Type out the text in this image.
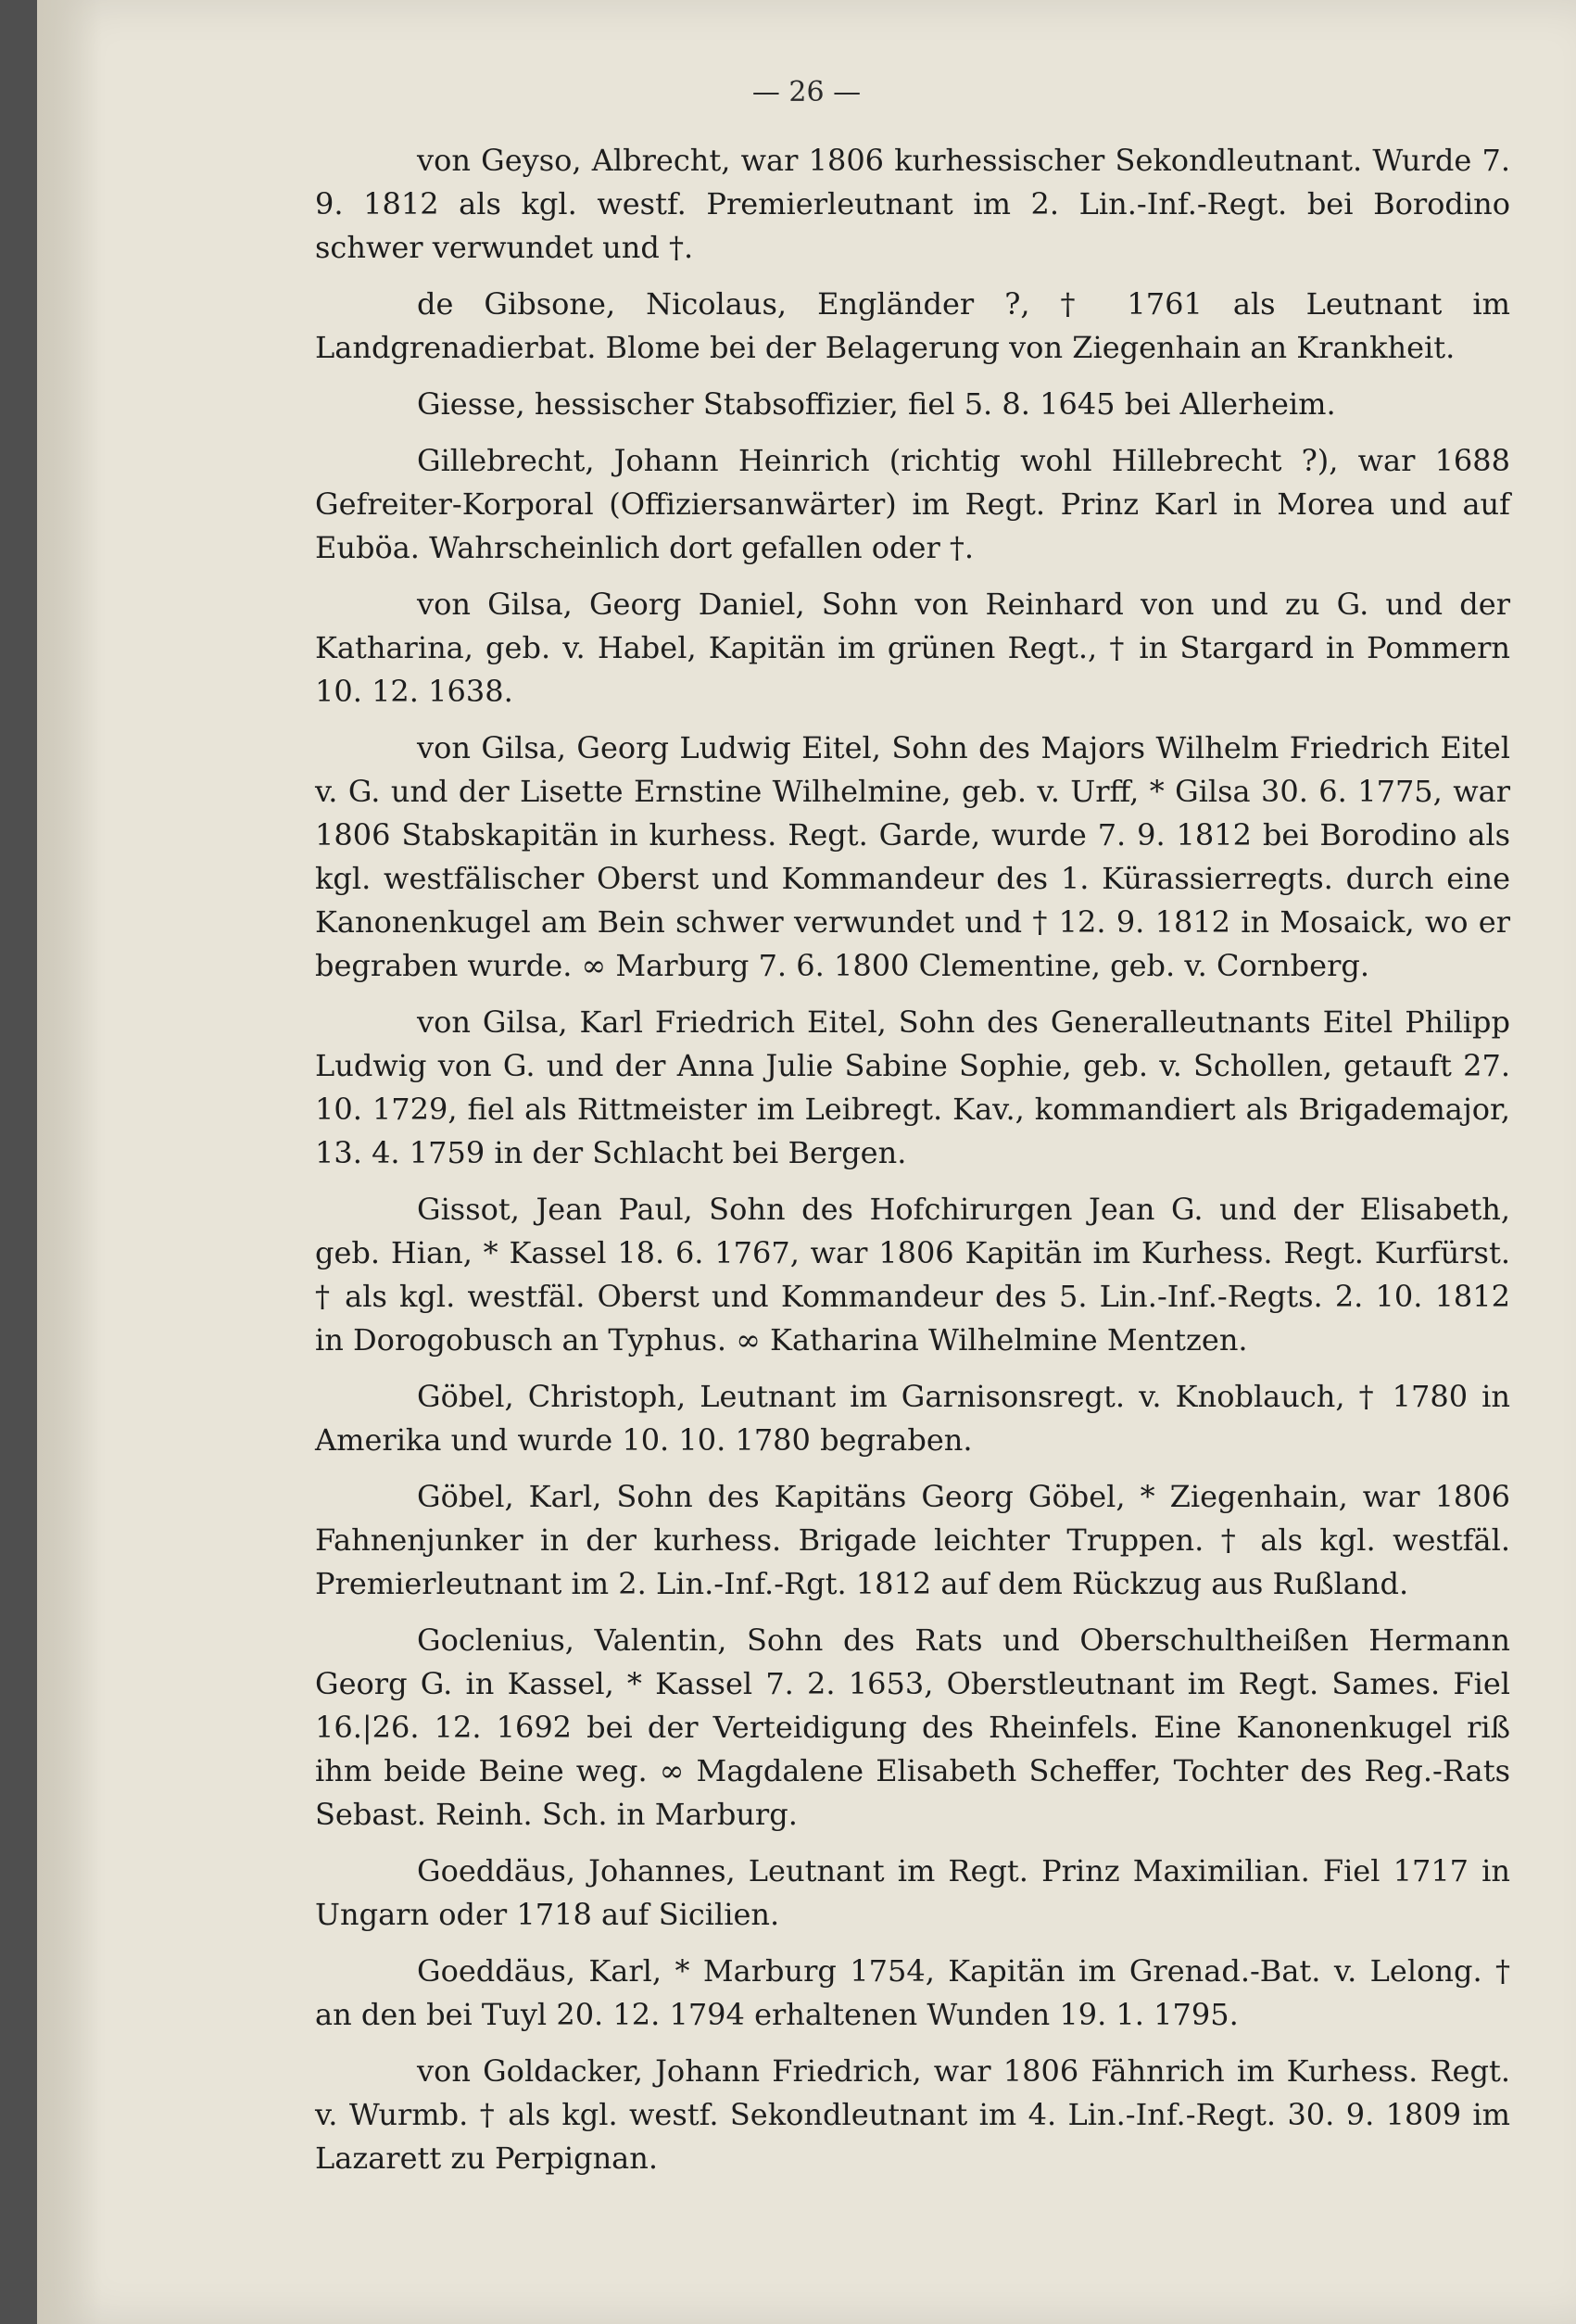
— 26 —

von Geyso, Albrecht, war 1806 kurhessischer Sekondleutnant. Wurde 7. 9. 1812 als kgl. westf. Premierleutnant im 2. Lin.-Inf.-Regt. bei Borodino schwer verwundet und †.

de Gibsone, Nicolaus, Engländer ?, † 1761 als Leutnant im Landgrenadierbat. Blome bei der Belagerung von Ziegenhain an Krankheit.

Giesse, hessischer Stabsoffizier, fiel 5. 8. 1645 bei Allerheim.

Gillebrecht, Johann Heinrich (richtig wohl Hillebrecht ?), war 1688 Gefreiter-Korporal (Offiziersanwärter) im Regt. Prinz Karl in Morea und auf Euböa. Wahrscheinlich dort gefallen oder †.

von Gilsa, Georg Daniel, Sohn von Reinhard von und zu G. und der Katharina, geb. v. Habel, Kapitän im grünen Regt., † in Stargard in Pommern 10. 12. 1638.

von Gilsa, Georg Ludwig Eitel, Sohn des Majors Wilhelm Friedrich Eitel v. G. und der Lisette Ernstine Wilhelmine, geb. v. Urff, * Gilsa 30. 6. 1775, war 1806 Stabskapitän in kurhess. Regt. Garde, wurde 7. 9. 1812 bei Borodino als kgl. westfälischer Oberst und Kommandeur des 1. Kürassierregts. durch eine Kanonenkugel am Bein schwer verwundet und † 12. 9. 1812 in Mosaick, wo er begraben wurde. ∞ Marburg 7. 6. 1800 Clementine, geb. v. Cornberg.

von Gilsa, Karl Friedrich Eitel, Sohn des Generalleutnants Eitel Philipp Ludwig von G. und der Anna Julie Sabine Sophie, geb. v. Schollen, getauft 27. 10. 1729, fiel als Rittmeister im Leibregt. Kav., kommandiert als Brigademajor, 13. 4. 1759 in der Schlacht bei Bergen.

Gissot, Jean Paul, Sohn des Hofchirurgen Jean G. und der Elisabeth, geb. Hian, * Kassel 18. 6. 1767, war 1806 Kapitän im Kurhess. Regt. Kurfürst. † als kgl. westfäl. Oberst und Kommandeur des 5. Lin.-Inf.-Regts. 2. 10. 1812 in Dorogobusch an Typhus. ∞ Katharina Wilhelmine Mentzen.

Göbel, Christoph, Leutnant im Garnisonsregt. v. Knoblauch, † 1780 in Amerika und wurde 10. 10. 1780 begraben.

Göbel, Karl, Sohn des Kapitäns Georg Göbel, * Ziegenhain, war 1806 Fahnenjunker in der kurhess. Brigade leichter Truppen. † als kgl. westfäl. Premierleutnant im 2. Lin.-Inf.-Rgt. 1812 auf dem Rückzug aus Rußland.

Goclenius, Valentin, Sohn des Rats und Oberschultheißen Hermann Georg G. in Kassel, * Kassel 7. 2. 1653, Oberstleutnant im Regt. Sames. Fiel 16.|26. 12. 1692 bei der Verteidigung des Rheinfels. Eine Kanonenkugel riß ihm beide Beine weg. ∞ Magdalene Elisabeth Scheffer, Tochter des Reg.-Rats Sebast. Reinh. Sch. in Marburg.

Goeddäus, Johannes, Leutnant im Regt. Prinz Maximilian. Fiel 1717 in Ungarn oder 1718 auf Sicilien.

Goeddäus, Karl, * Marburg 1754, Kapitän im Grenad.-Bat. v. Lelong. † an den bei Tuyl 20. 12. 1794 erhaltenen Wunden 19. 1. 1795.

von Goldacker, Johann Friedrich, war 1806 Fähnrich im Kurhess. Regt. v. Wurmb. † als kgl. westf. Sekondleutnant im 4. Lin.-Inf.-Regt. 30. 9. 1809 im Lazarett zu Perpignan.
